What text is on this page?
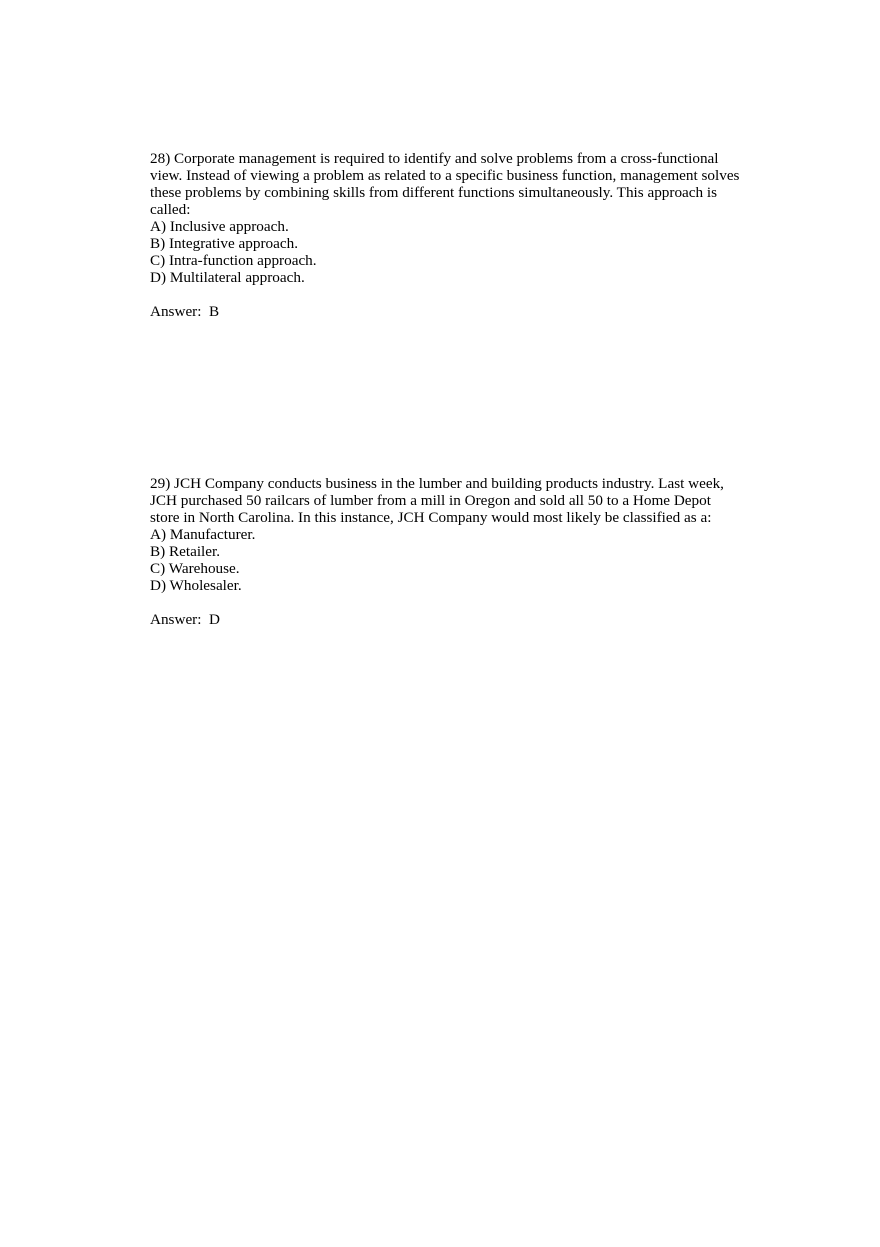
28) Corporate management is required to identify and solve problems from a cross-functional
view. Instead of viewing a problem as related to a specific business function, management solves
these problems by combining skills from different functions simultaneously. This approach is
called:
A) Inclusive approach.
B) Integrative approach.
C) Intra-function approach.
D) Multilateral approach.
Answer:  B
29) JCH Company conducts business in the lumber and building products industry. Last week,
JCH purchased 50 railcars of lumber from a mill in Oregon and sold all 50 to a Home Depot
store in North Carolina. In this instance, JCH Company would most likely be classified as a:
A) Manufacturer.
B) Retailer.
C) Warehouse.
D) Wholesaler.
Answer:  D
